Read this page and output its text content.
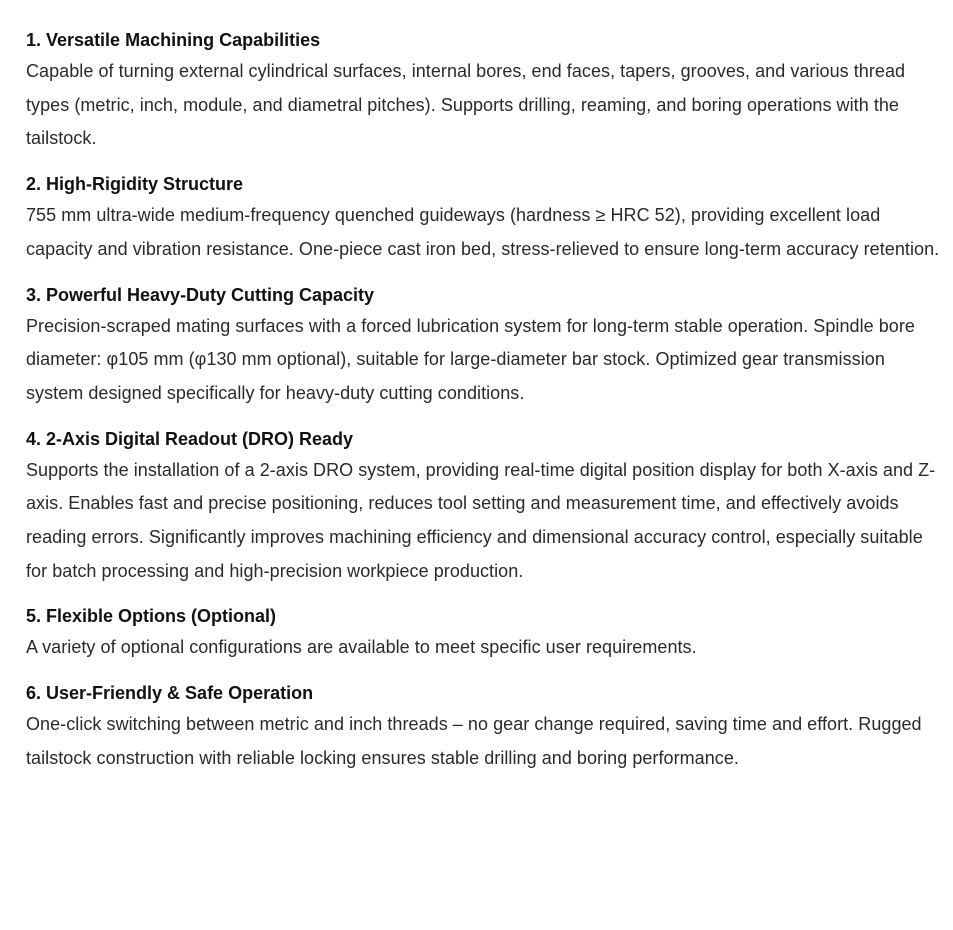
1. Versatile Machining Capabilities

Capable of turning external cylindrical surfaces, internal bores, end faces, tapers, grooves, and various thread types (metric, inch, module, and diametral pitches). Supports drilling, reaming, and boring operations with the tailstock.

2. High-Rigidity Structure

755 mm ultra-wide medium-frequency quenched guideways (hardness ≥ HRC 52), providing excellent load capacity and vibration resistance. One-piece cast iron bed, stress-relieved to ensure long-term accuracy retention.

3. Powerful Heavy-Duty Cutting Capacity

Precision-scraped mating surfaces with a forced lubrication system for long-term stable operation. Spindle bore diameter: φ105 mm (φ130 mm optional), suitable for large-diameter bar stock. Optimized gear transmission system designed specifically for heavy-duty cutting conditions.

4. 2-Axis Digital Readout (DRO) Ready

Supports the installation of a 2-axis DRO system, providing real-time digital position display for both X-axis and Z-axis. Enables fast and precise positioning, reduces tool setting and measurement time, and effectively avoids reading errors. Significantly improves machining efficiency and dimensional accuracy control, especially suitable for batch processing and high-precision workpiece production.

5. Flexible Options (Optional)

A variety of optional configurations are available to meet specific user requirements.

6. User-Friendly & Safe Operation

One-click switching between metric and inch threads – no gear change required, saving time and effort. Rugged tailstock construction with reliable locking ensures stable drilling and boring performance.
